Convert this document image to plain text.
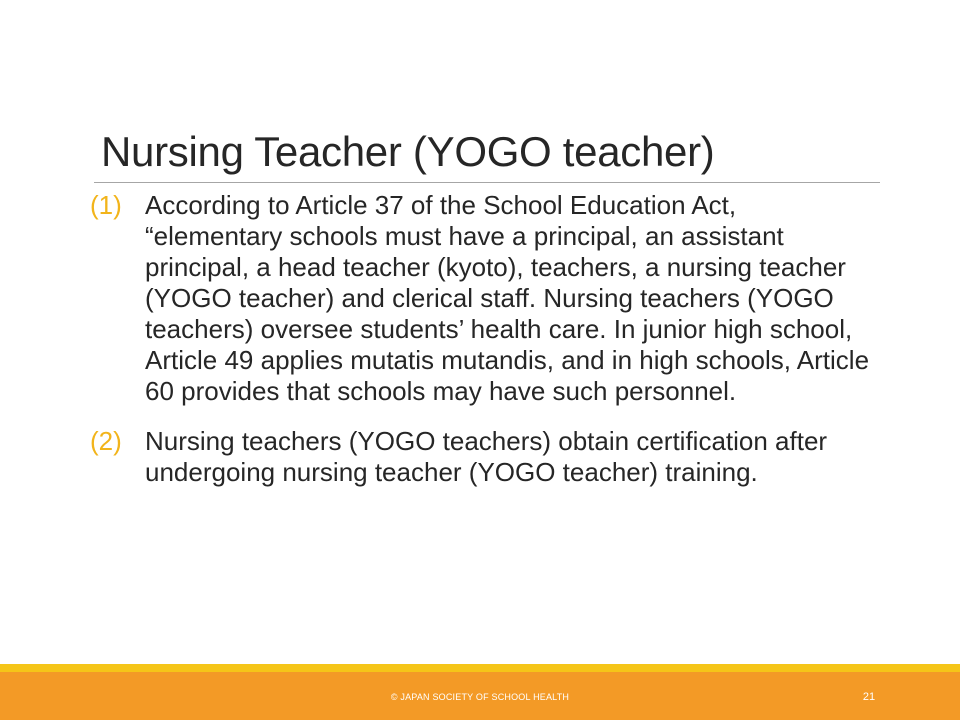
Nursing Teacher (YOGO teacher)
(1) According to Article 37 of the School Education Act, “elementary schools must have a principal, an assistant principal, a head teacher (kyoto), teachers, a nursing teacher (YOGO teacher) and clerical staff. Nursing teachers (YOGO teachers) oversee students’ health care. In junior high school, Article 49 applies mutatis mutandis, and in high schools, Article 60 provides that schools may have such personnel.
(2) Nursing teachers (YOGO teachers) obtain certification after undergoing nursing teacher (YOGO teacher) training.
© JAPAN SOCIETY OF SCHOOL HEALTH	21
